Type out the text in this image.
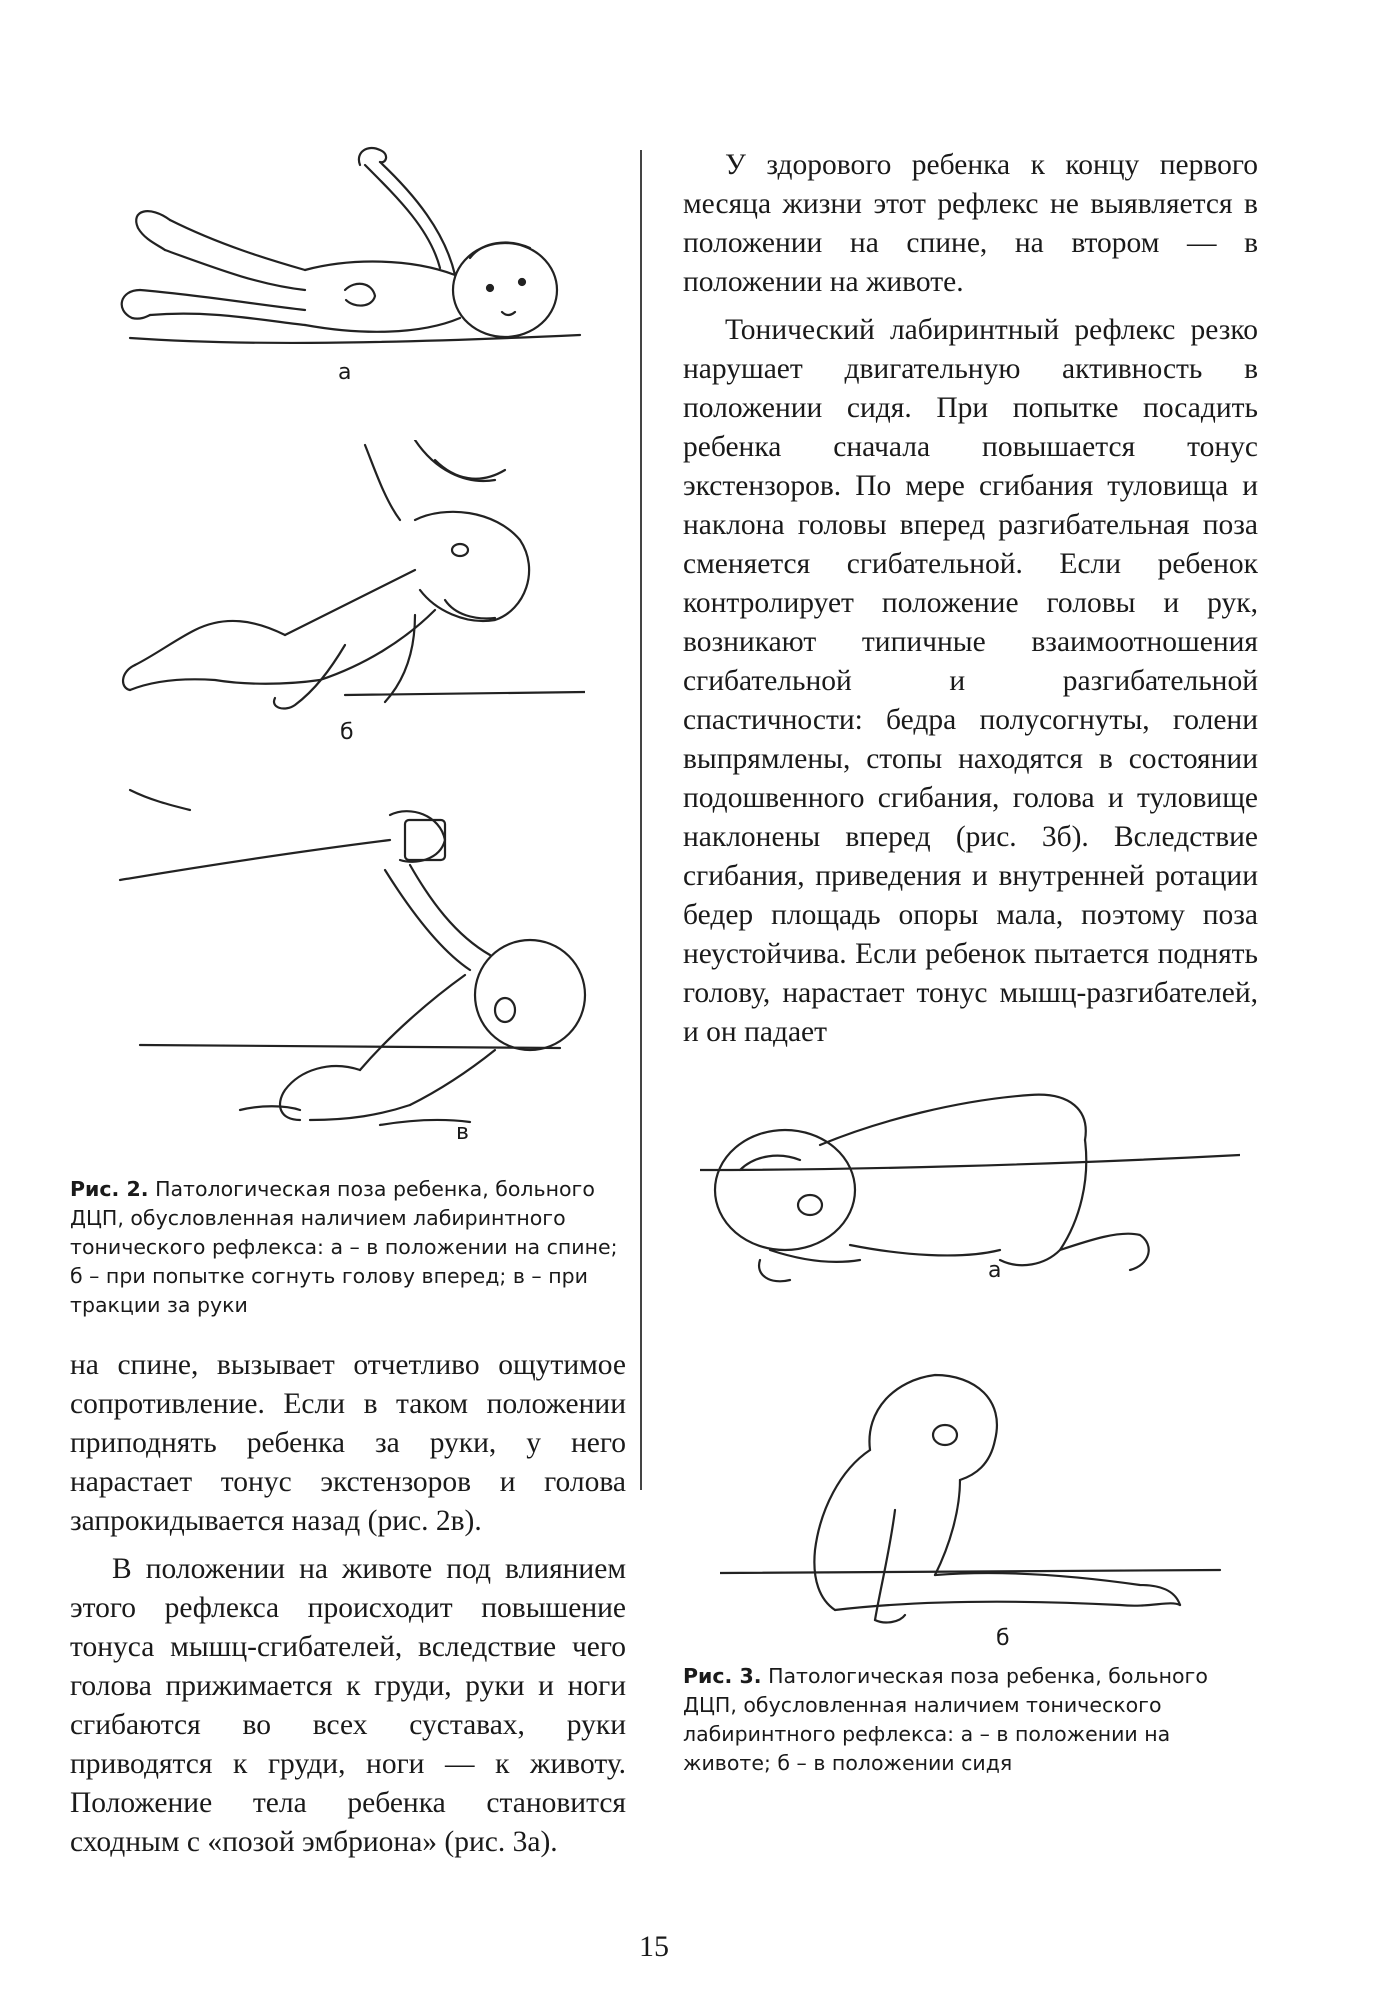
а
б
в
Рис. 2. Патологическая поза ребенка, больного ДЦП, обусловленная наличием лабиринтного тонического рефлекса: а – в положении на спине; б – при попытке согнуть голову вперед; в – при тракции за руки

на спине, вызывает отчетливо ощутимое сопротивление. Если в таком положении приподнять ребенка за руки, у него нарастает тонус экстензоров и голова запрокидывается назад (рис. 2в).

В положении на животе под влиянием этого рефлекса происходит повышение тонуса мышц-сгибателей, вследствие чего голова прижимается к груди, руки и ноги сгибаются во всех суставах, руки приводятся к груди, ноги — к животу. Положение тела ребенка становится сходным с «позой эмбриона» (рис. 3а).

У здорового ребенка к концу первого месяца жизни этот рефлекс не выявляется в положении на спине, на втором — в положении на животе.

Тонический лабиринтный рефлекс резко нарушает двигательную активность в положении сидя. При попытке посадить ребенка сначала повышается тонус экстензоров. По мере сгибания туловища и наклона головы вперед разгибательная поза сменяется сгибательной. Если ребенок контролирует положение головы и рук, возникают типичные взаимоотношения сгибательной и разгибательной спастичности: бедра полусогнуты, голени выпрямлены, стопы находятся в состоянии подошвенного сгибания, голова и туловище наклонены вперед (рис. 3б). Вследствие сгибания, приведения и внутренней ротации бедер площадь опоры мала, поэтому поза неустойчива. Если ребенок пытается поднять голову, нарастает тонус мышц-разгибателей, и он падает

а
б
Рис. 3. Патологическая поза ребенка, больного ДЦП, обусловленная наличием тонического лабиринтного рефлекса: а – в положении на животе; б – в положении сидя
15
